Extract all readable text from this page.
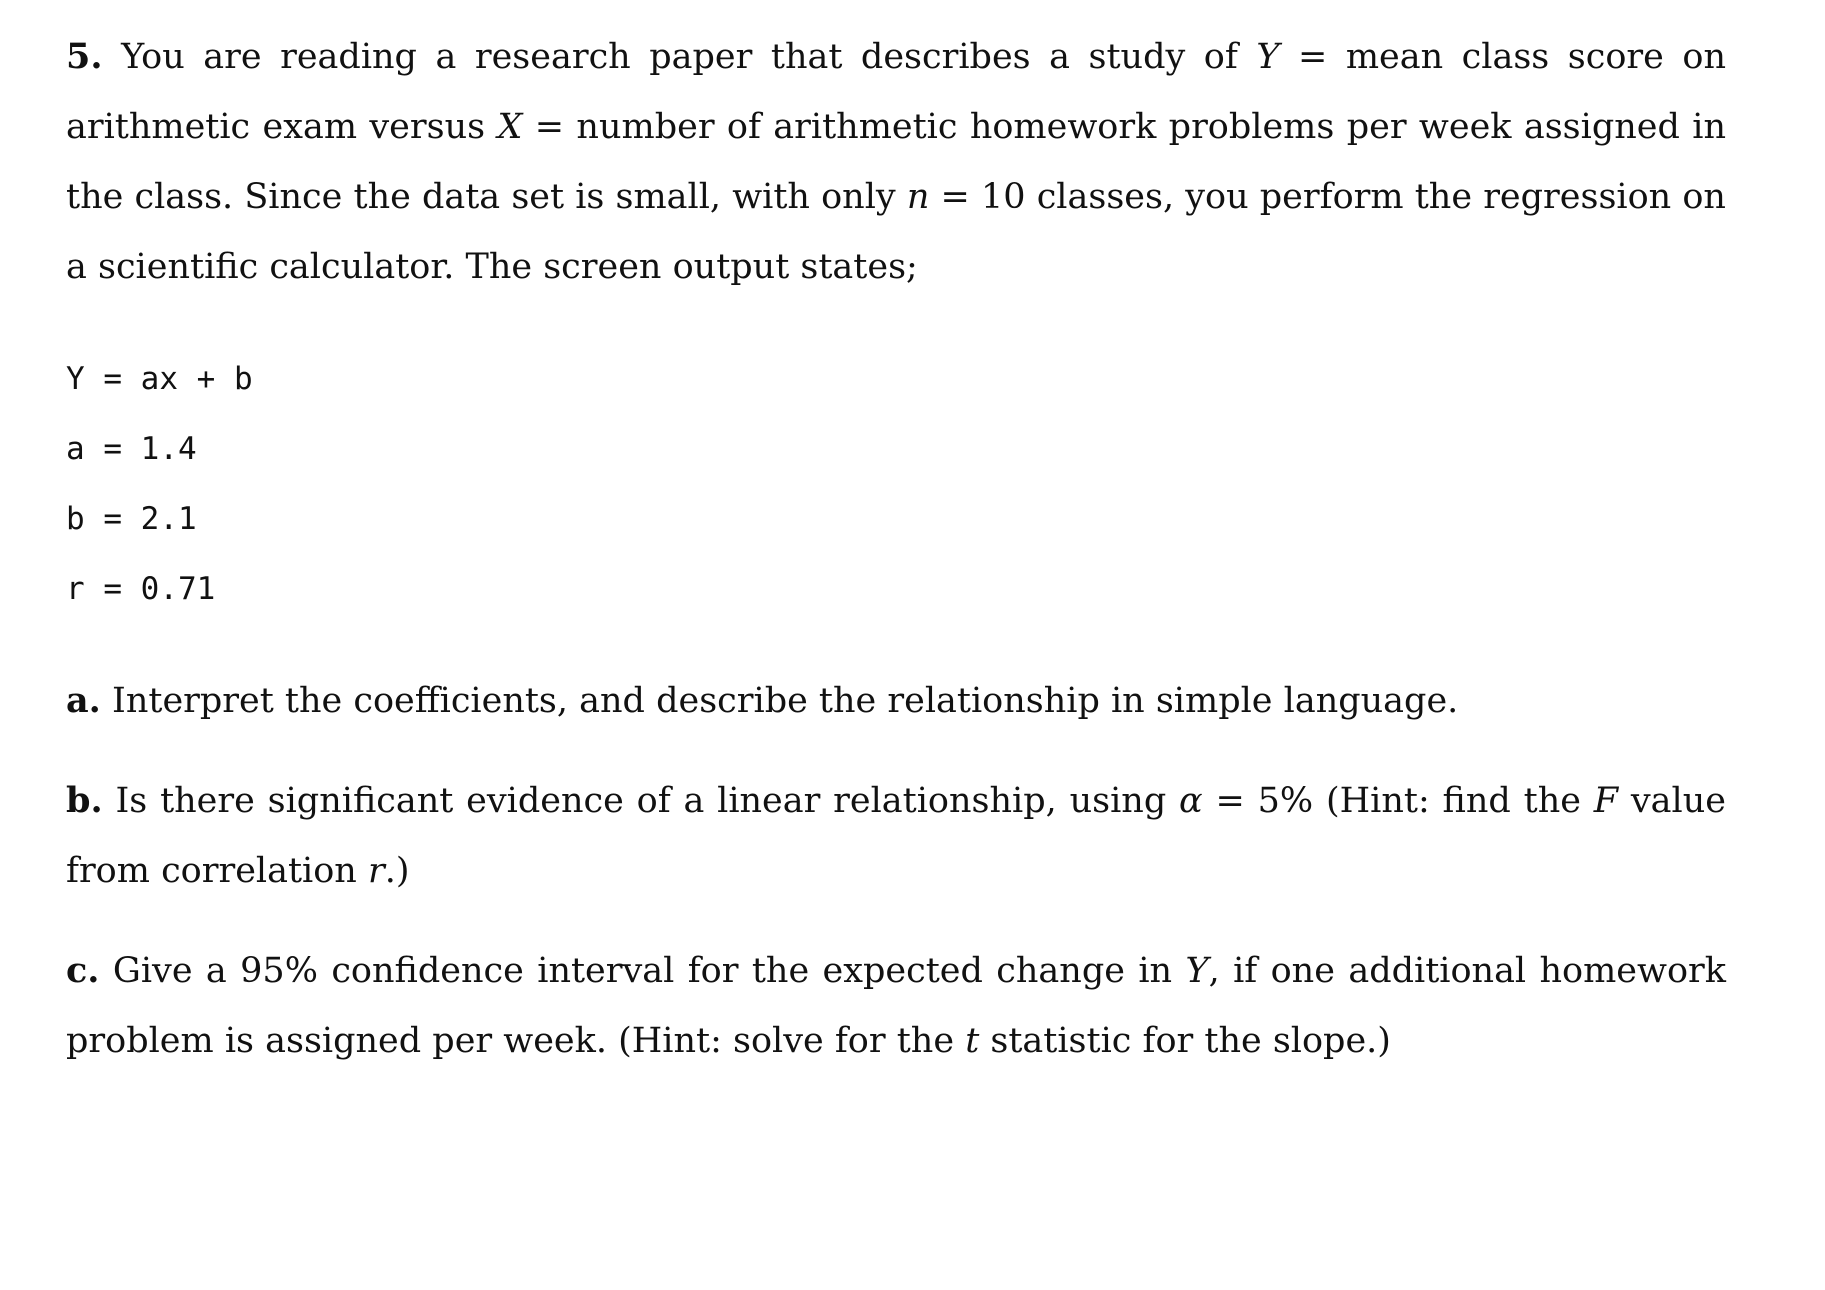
5. You are reading a research paper that describes a study of Y = mean class score on arithmetic exam versus X = number of arithmetic homework problems per week assigned in the class. Since the data set is small, with only n = 10 classes, you perform the regression on a scientific calculator. The screen output states;

Y = ax + b
a = 1.4
b = 2.1
r = 0.71

a. Interpret the coefficients, and describe the relationship in simple language.

b. Is there significant evidence of a linear relationship, using α = 5% (Hint: find the F value from correlation r.)

c. Give a 95% confidence interval for the expected change in Y, if one additional homework problem is assigned per week. (Hint: solve for the t statistic for the slope.)
